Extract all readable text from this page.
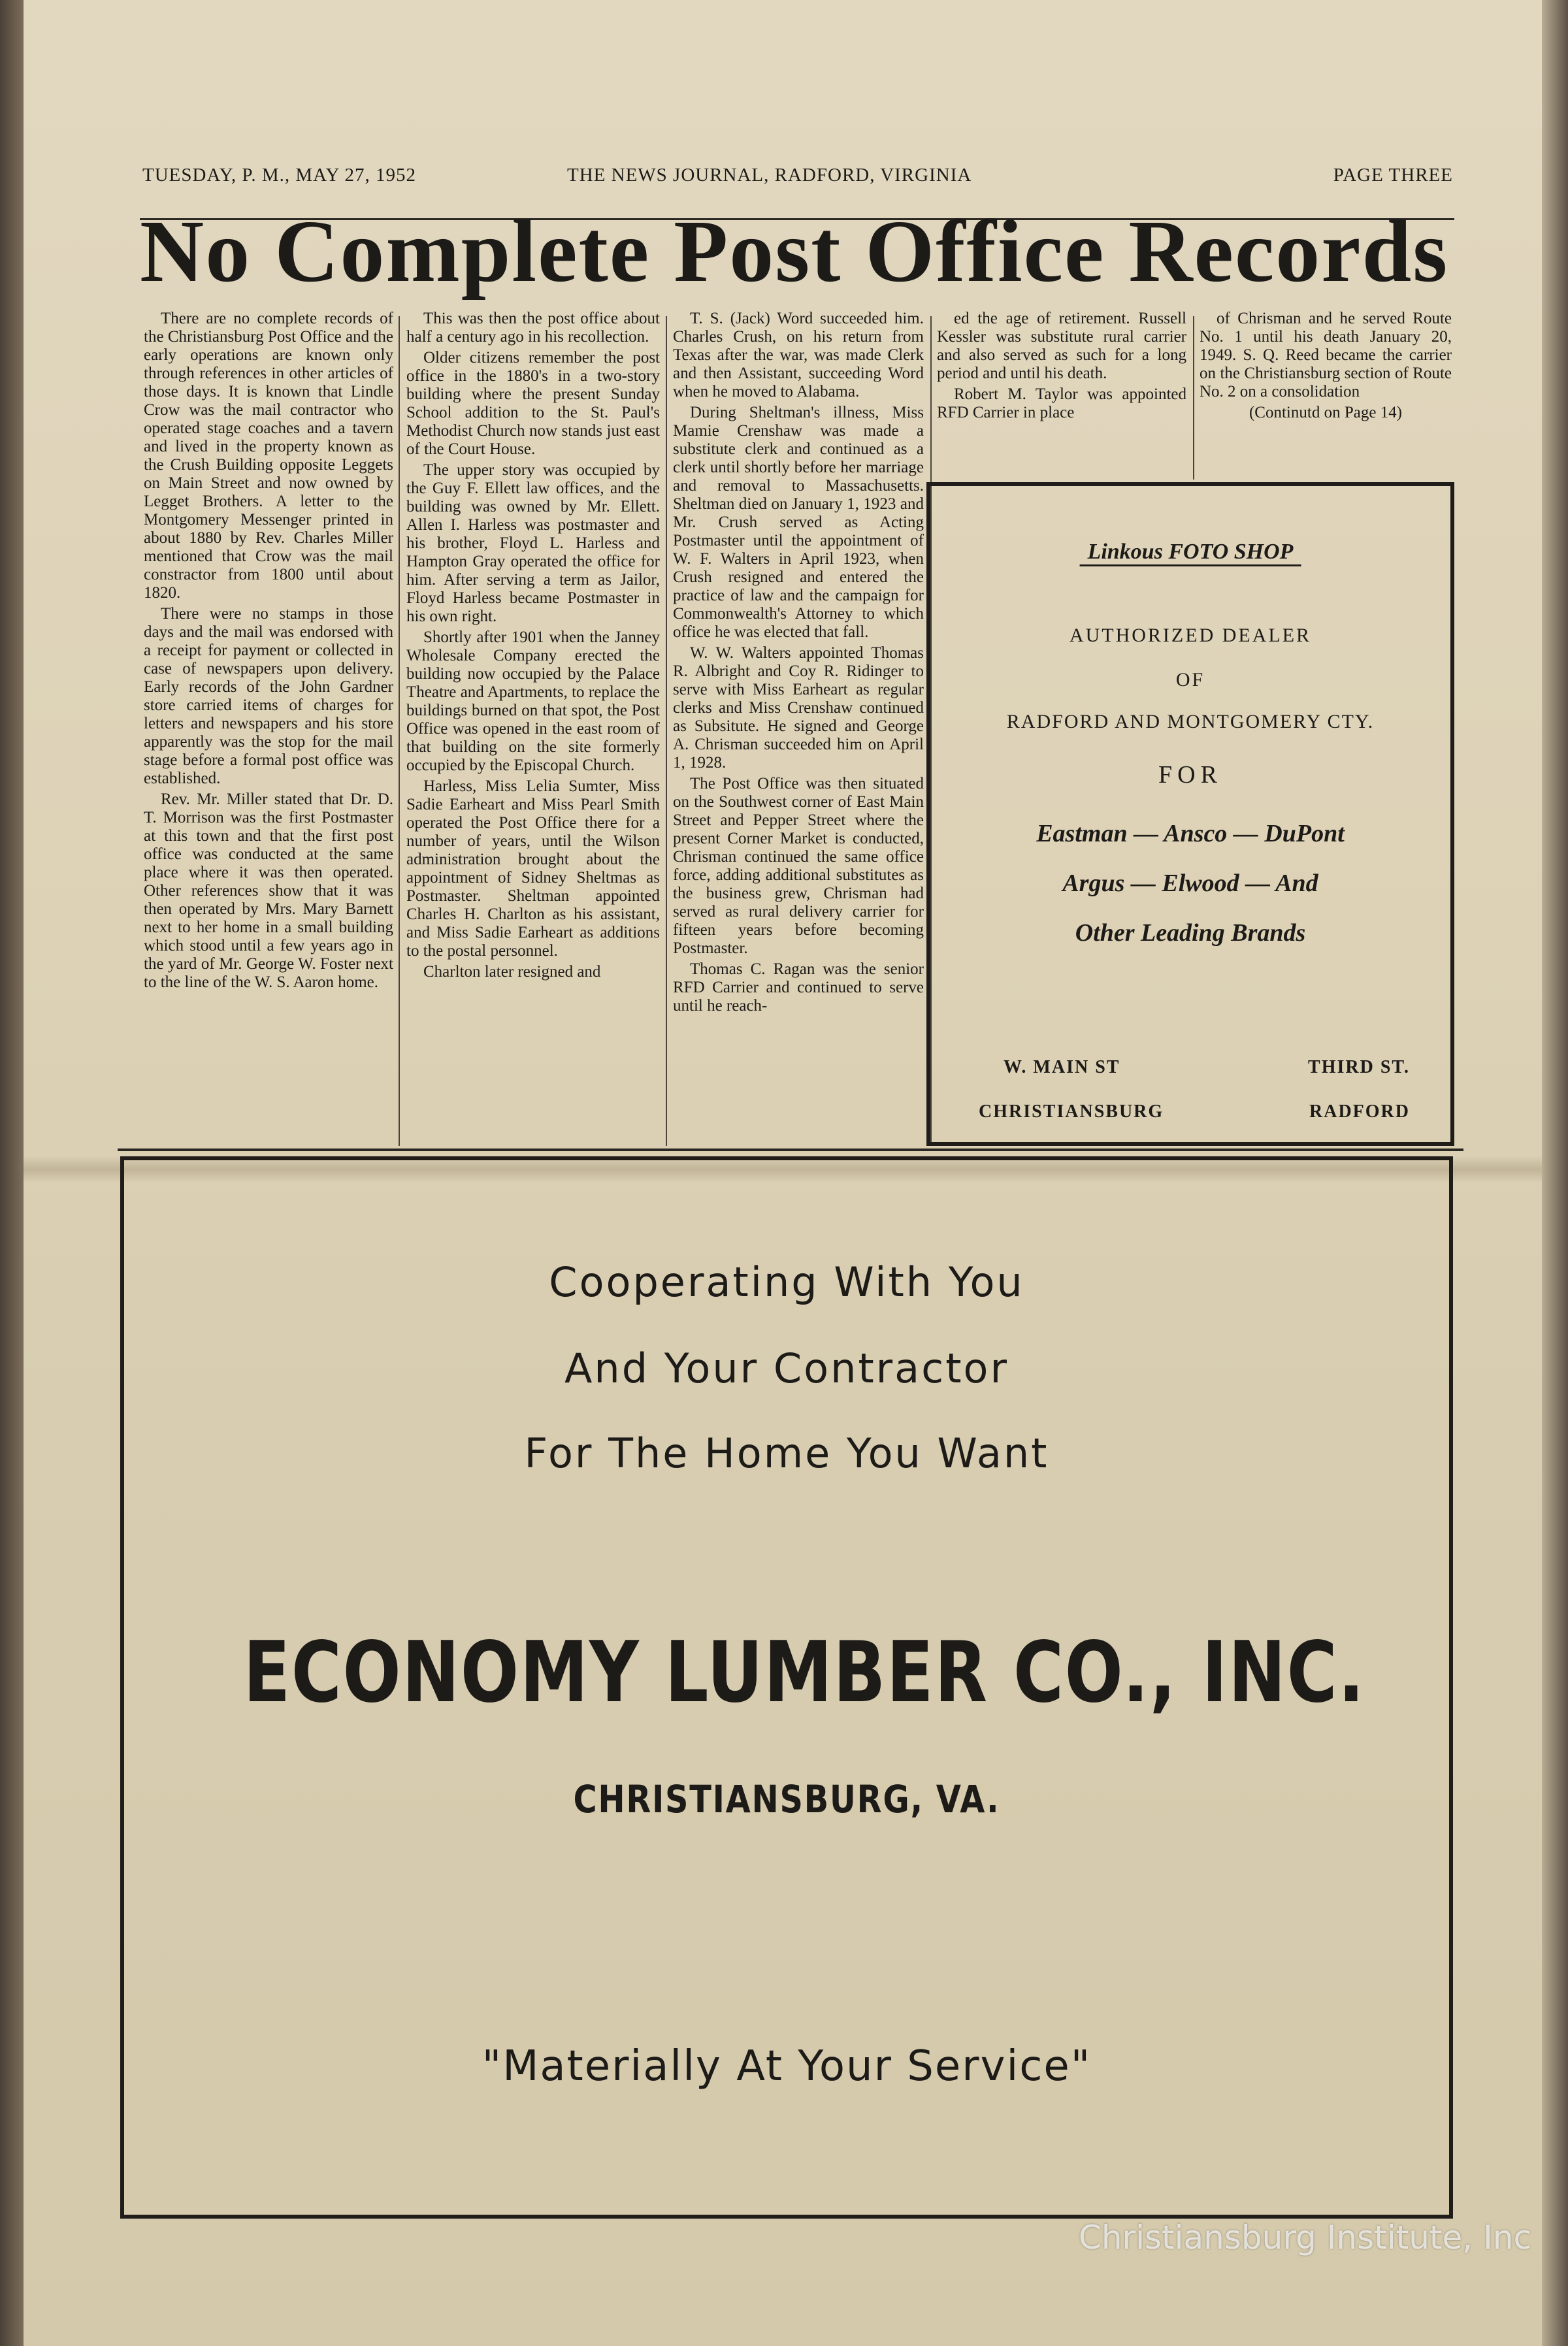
TUESDAY, P. M., MAY 27, 1952	THE NEWS JOURNAL, RADFORD, VIRGINIA	PAGE THREE
No Complete Post Office Records

There are no complete records of the Christiansburg Post Office and the early operations are known only through references in other articles of those days. It is known that Lindle Crow was the mail contractor who operated stage coaches and a tavern and lived in the property known as the Crush Building opposite Leggets on Main Street and now owned by Legget Brothers. A letter to the Montgomery Messenger printed in about 1880 by Rev. Charles Miller mentioned that Crow was the mail constractor from 1800 until about 1820.

There were no stamps in those days and the mail was endorsed with a receipt for payment or collected in case of newspapers upon delivery. Early records of the John Gardner store carried items of charges for letters and newspapers and his store apparently was the stop for the mail stage before a formal post office was established.

Rev. Mr. Miller stated that Dr. D. T. Morrison was the first Postmaster at this town and that the first post office was conducted at the same place where it was then operated. Other references show that it was then operated by Mrs. Mary Barnett next to her home in a small building which stood until a few years ago in the yard of Mr. George W. Foster next to the line of the W. S. Aaron home.

This was then the post office about half a century ago in his recollection.

Older citizens remember the post office in the 1880's in a two-story building where the present Sunday School addition to the St. Paul's Methodist Church now stands just east of the Court House.

The upper story was occupied by the Guy F. Ellett law offices, and the building was owned by Mr. Ellett. Allen I. Harless was postmaster and his brother, Floyd L. Harless and Hampton Gray operated the office for him. After serving a term as Jailor, Floyd Harless became Postmaster in his own right.

Shortly after 1901 when the Janney Wholesale Company erected the building now occupied by the Palace Theatre and Apartments, to replace the buildings burned on that spot, the Post Office was opened in the east room of that building on the site formerly occupied by the Episcopal Church.

Harless, Miss Lelia Sumter, Miss Sadie Earheart and Miss Pearl Smith operated the Post Office there for a number of years, until the Wilson administration brought about the appointment of Sidney Sheltmas as Postmaster. Sheltman appointed Charles H. Charlton as his assistant, and Miss Sadie Earheart as additions to the postal personnel.

Charlton later resigned and

T. S. (Jack) Word succeeded him. Charles Crush, on his return from Texas after the war, was made Clerk and then Assistant, succeeding Word when he moved to Alabama.

During Sheltman's illness, Miss Mamie Crenshaw was made a substitute clerk and continued as a clerk until shortly before her marriage and removal to Massachusetts. Sheltman died on January 1, 1923 and Mr. Crush served as Acting Postmaster until the appointment of W. F. Walters in April 1923, when Crush resigned and entered the practice of law and the campaign for Commonwealth's Attorney to which office he was elected that fall.

W. W. Walters appointed Thomas R. Albright and Coy R. Ridinger to serve with Miss Earheart as regular clerks and Miss Crenshaw continued as Subsitute. He signed and George A. Chrisman succeeded him on April 1, 1928.

The Post Office was then situated on the Southwest corner of East Main Street and Pepper Street where the present Corner Market is conducted, Chrisman continued the same office force, adding additional substitutes as the business grew, Chrisman had served as rural delivery carrier for fifteen years before becoming Postmaster.

Thomas C. Ragan was the senior RFD Carrier and continued to serve until he reach-

ed the age of retirement. Russell Kessler was substitute rural carrier and also served as such for a long period and until his death.

Robert M. Taylor was appointed RFD Carrier in place

of Chrisman and he served Route No. 1 until his death January 20, 1949. S. Q. Reed became the carrier on the Christiansburg section of Route No. 2 on a consolidation

(Continutd on Page 14)

Linkous FOTO SHOP
AUTHORIZED DEALER
OF
RADFORD AND MONTGOMERY CTY.
FOR
Eastman — Ansco — DuPont
Argus — Elwood — And
Other Leading Brands
W. MAIN ST	THIRD ST.
CHRISTIANSBURG	RADFORD
Cooperating With You
And Your Contractor
For The Home You Want
ECONOMY LUMBER CO., INC.
CHRISTIANSBURG, VA.
"Materially At Your Service"
Christiansburg Institute, Inc
